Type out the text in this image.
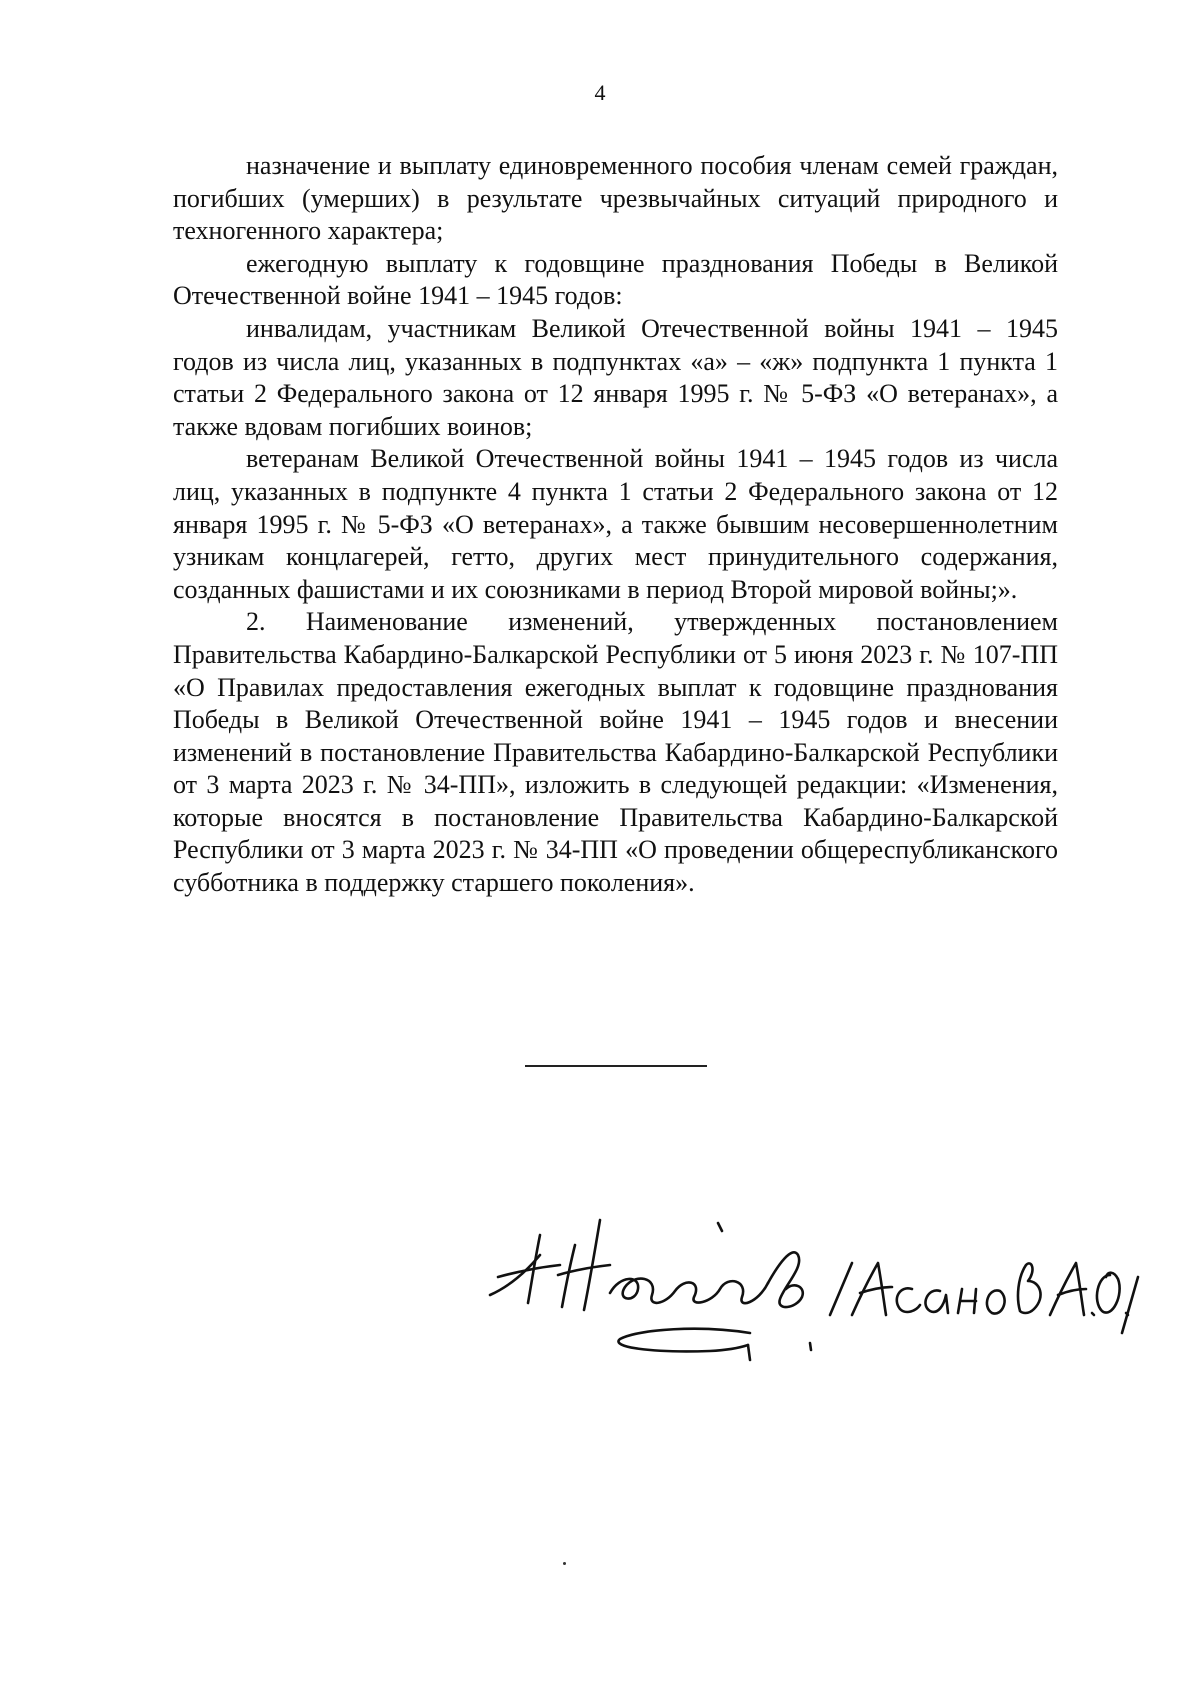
4

назначение и выплату единовременного пособия членам семей граждан, погибших (умерших) в результате чрезвычайных ситуаций природного и техногенного характера;

ежегодную выплату к годовщине празднования Победы в Великой Отечественной войне 1941 – 1945 годов:

инвалидам, участникам Великой Отечественной войны 1941 – 1945 годов из числа лиц, указанных в подпунктах «а» – «ж» подпункта 1 пункта 1 статьи 2 Федерального закона от 12 января 1995 г. № 5-ФЗ «О ветеранах», а также вдовам погибших воинов;

ветеранам Великой Отечественной войны 1941 – 1945 годов из числа лиц, указанных в подпункте 4 пункта 1 статьи 2 Федерального закона от 12 января 1995 г. № 5-ФЗ «О ветеранах», а также бывшим несовершеннолетним узникам концлагерей, гетто, других мест принудительного содержания, созданных фашистами и их союзниками в период Второй мировой войны;».

2. Наименование изменений, утвержденных постановлением Правительства Кабардино-Балкарской Республики от 5 июня 2023 г. № 107-ПП «О Правилах предоставления ежегодных выплат к годовщине празднования Победы в Великой Отечественной войне 1941 – 1945 годов и внесении изменений в постановление Правительства Кабардино-Балкарской Республики от 3 марта 2023 г. № 34-ПП», изложить в следующей редакции: «Изменения, которые вносятся в постановление Правительства Кабардино-Балкарской Республики от 3 марта 2023 г. № 34-ПП «О проведении общереспубликанского субботника в поддержку старшего поколения».
